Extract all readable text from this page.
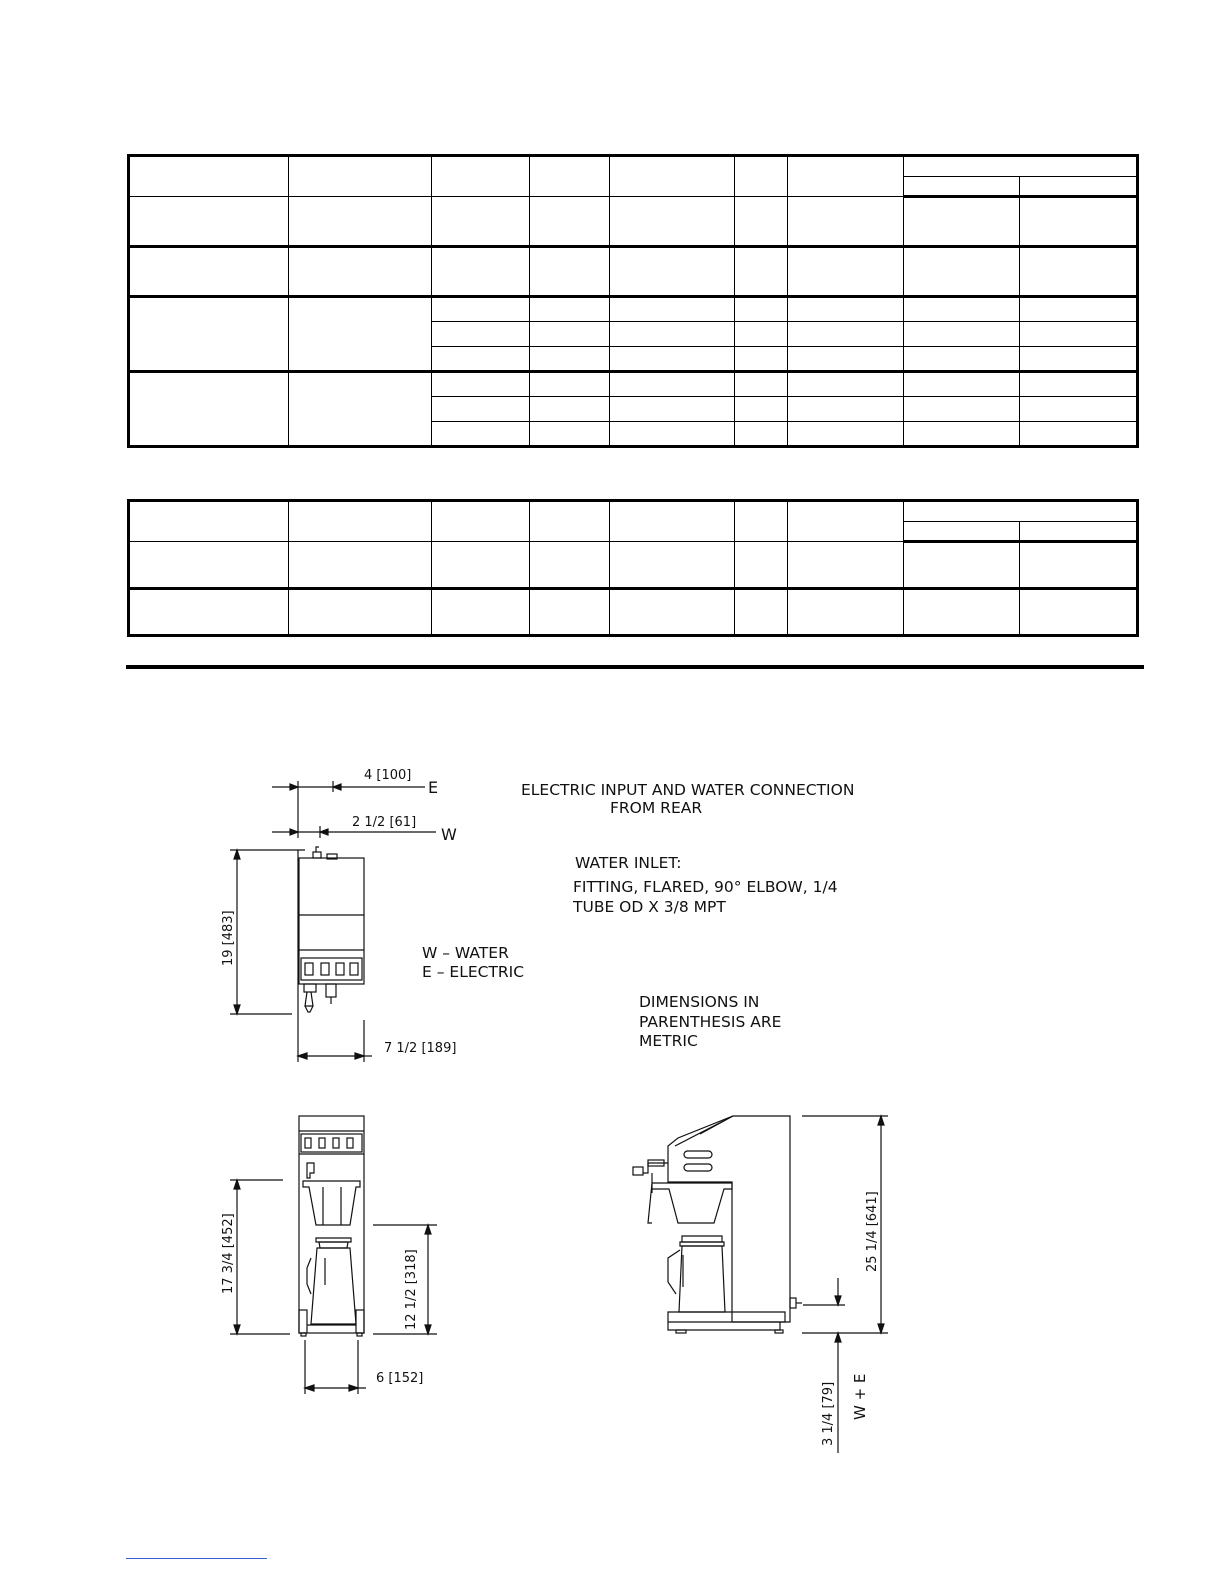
4 [100]
E
2 1/2 [61]
W
19 [483]
7 1/2 [189]
ELECTRIC INPUT AND WATER CONNECTION
FROM REAR
WATER INLET:
FITTING, FLARED, 90° ELBOW, 1/4
TUBE OD X 3/8 MPT
W – WATER
E – ELECTRIC
DIMENSIONS IN
PARENTHESIS ARE
METRIC
17 3/4 [452]	12 1/2 [318]
6 [152]
25 1/4 [641]
3 1/4 [79] W + E
